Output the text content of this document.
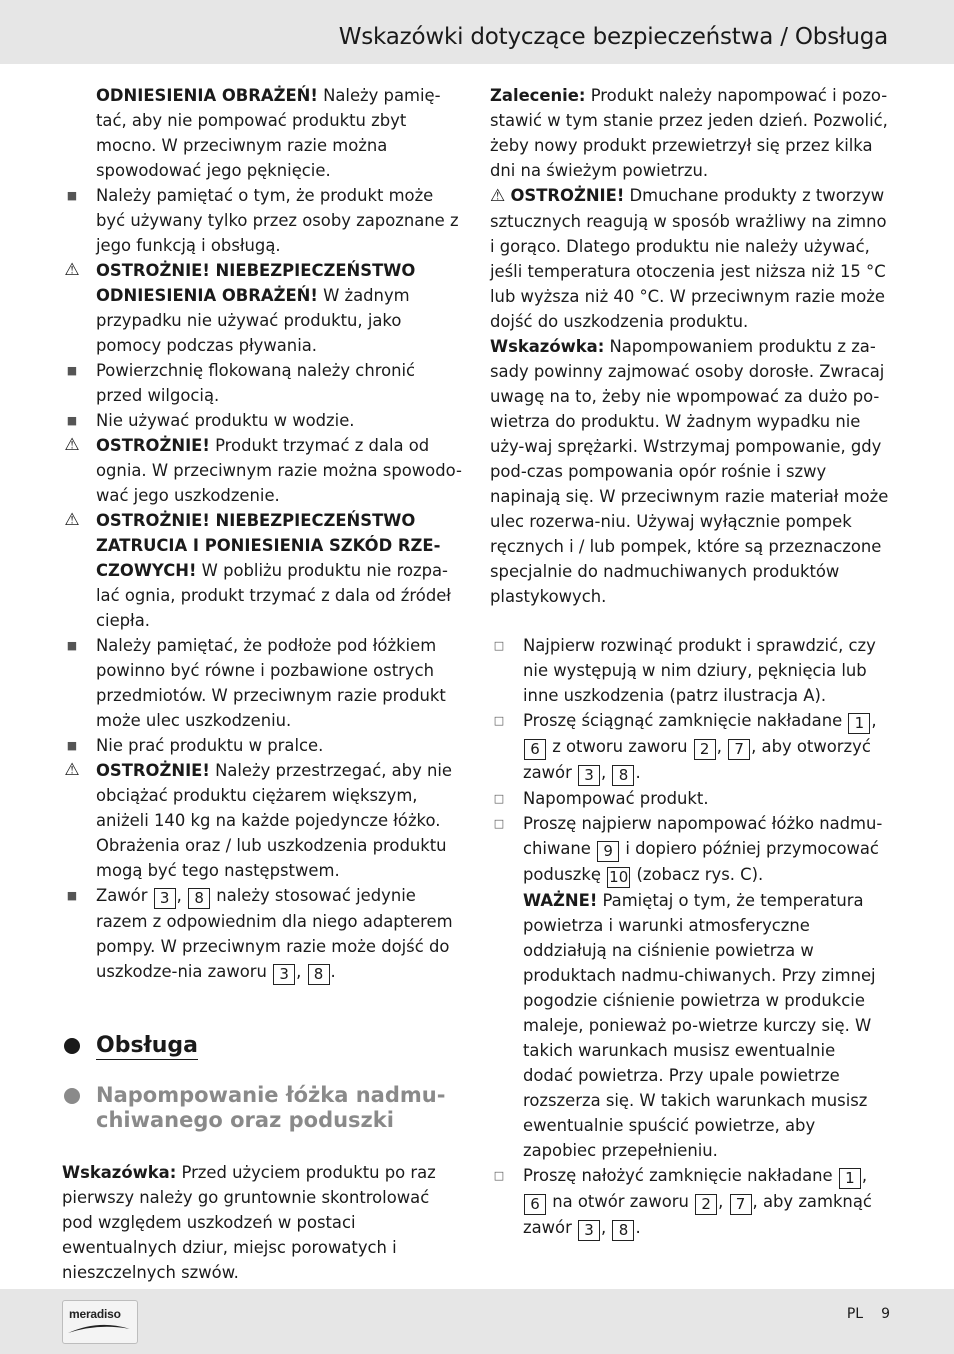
Wskazówki dotyczące bezpieczeństwa / Obsługa
ODNIESIENIA OBRAŻEŃ! Należy pamię-tać, aby nie pompować produktu zbyt mocno. W przeciwnym razie można spowodować jego pęknięcie.
■ Należy pamiętać o tym, że produkt może być używany tylko przez osoby zapoznane z jego funkcją i obsługą.
⚠ OSTROŻNIE! NIEBEZPIECZEŃSTWO ODNIESIENIA OBRAŻEŃ! W żadnym przypadku nie używać produktu, jako pomocy podczas pływania.
■ Powierzchnię flokowaną należy chronić przed wilgocią.
■ Nie używać produktu w wodzie.
⚠ OSTROŻNIE! Produkt trzymać z dala od ognia. W przeciwnym razie można spowodo-wać jego uszkodzenie.
⚠ OSTROŻNIE! NIEBEZPIECZEŃSTWO ZATRUCIA I PONIESIENIA SZKÓD RZE-CZOWYCH! W pobliżu produktu nie rozpa-lać ognia, produkt trzymać z dala od źródeł ciepła.
■ Należy pamiętać, że podłoże pod łóżkiem powinno być równe i pozbawione ostrych przedmiotów. W przeciwnym razie produkt może ulec uszkodzeniu.
■ Nie prać produktu w pralce.
⚠ OSTROŻNIE! Należy przestrzegać, aby nie obciążać produktu ciężarem większym, aniżeli 140 kg na każde pojedyncze łóżko. Obrażenia oraz / lub uszkodzenia produktu mogą być tego następstwem.
■ Zawór 3 , 8 należy stosować jedynie razem z odpowiednim dla niego adapterem pompy. W przeciwnym razie może dojść do uszkodze-nia zaworu 3 , 8 .
Obsługa
Napompowanie łóżka nadmu-chiwanego oraz poduszki

Wskazówka: Przed użyciem produktu po raz pierwszy należy go gruntownie skontrolować pod względem uszkodzeń w postaci ewentualnych dziur, miejsc porowatych i nieszczelnych szwów.

Zalecenie: Produkt należy napompować i pozo-stawić w tym stanie przez jeden dzień. Pozwolić, żeby nowy produkt przewietrzył się przez kilka dni na świeżym powietrzu.

⚠ OSTROŻNIE! Dmuchane produkty z tworzyw sztucznych reagują w sposób wrażliwy na zimno i gorąco. Dlatego produktu nie należy używać, jeśli temperatura otoczenia jest niższa niż 15 °C lub wyższa niż 40 °C. W przeciwnym razie może dojść do uszkodzenia produktu.

Wskazówka: Napompowaniem produktu z za-sady powinny zajmować osoby dorosłe. Zwracaj uwagę na to, żeby nie wpompować za dużo po-wietrza do produktu. W żadnym wypadku nie uży-waj sprężarki. Wstrzymaj pompowanie, gdy pod-czas pompowania opór rośnie i szwy napinają się. W przeciwnym razie materiał może ulec rozerwa-niu. Używaj wyłącznie pompek ręcznych i / lub pompek, które są przeznaczone specjalnie do nadmuchiwanych produktów plastykowych.

□ Najpierw rozwinąć produkt i sprawdzić, czy nie występują w nim dziury, pęknięcia lub inne uszkodzenia (patrz ilustracja A).
□ Proszę ściągnąć zamknięcie nakładane 1 , 6 z otworu zaworu 2 , 7 , aby otworzyć zawór 3 , 8 .
□ Napompować produkt.
□ Proszę najpierw napompować łóżko nadmu-chiwane 9 i dopiero później przymocować poduszkę 10 (zobacz rys. C).
WAŻNE! Pamiętaj o tym, że temperatura powietrza i warunki atmosferyczne oddziałują na ciśnienie powietrza w produktach nadmu-chiwanych. Przy zimnej pogodzie ciśnienie powietrza w produkcie maleje, ponieważ po-wietrze kurczy się. W takich warunkach musisz ewentualnie dodać powietrza. Przy upale powietrze rozszerza się. W takich warunkach musisz ewentualnie spuścić powietrze, aby zapobiec przepełnieniu.
□ Proszę nałożyć zamknięcie nakładane 1 , 6 na otwór zaworu 2 , 7 , aby zamknąć zawór 3 , 8 .
meradiso	PL 9
